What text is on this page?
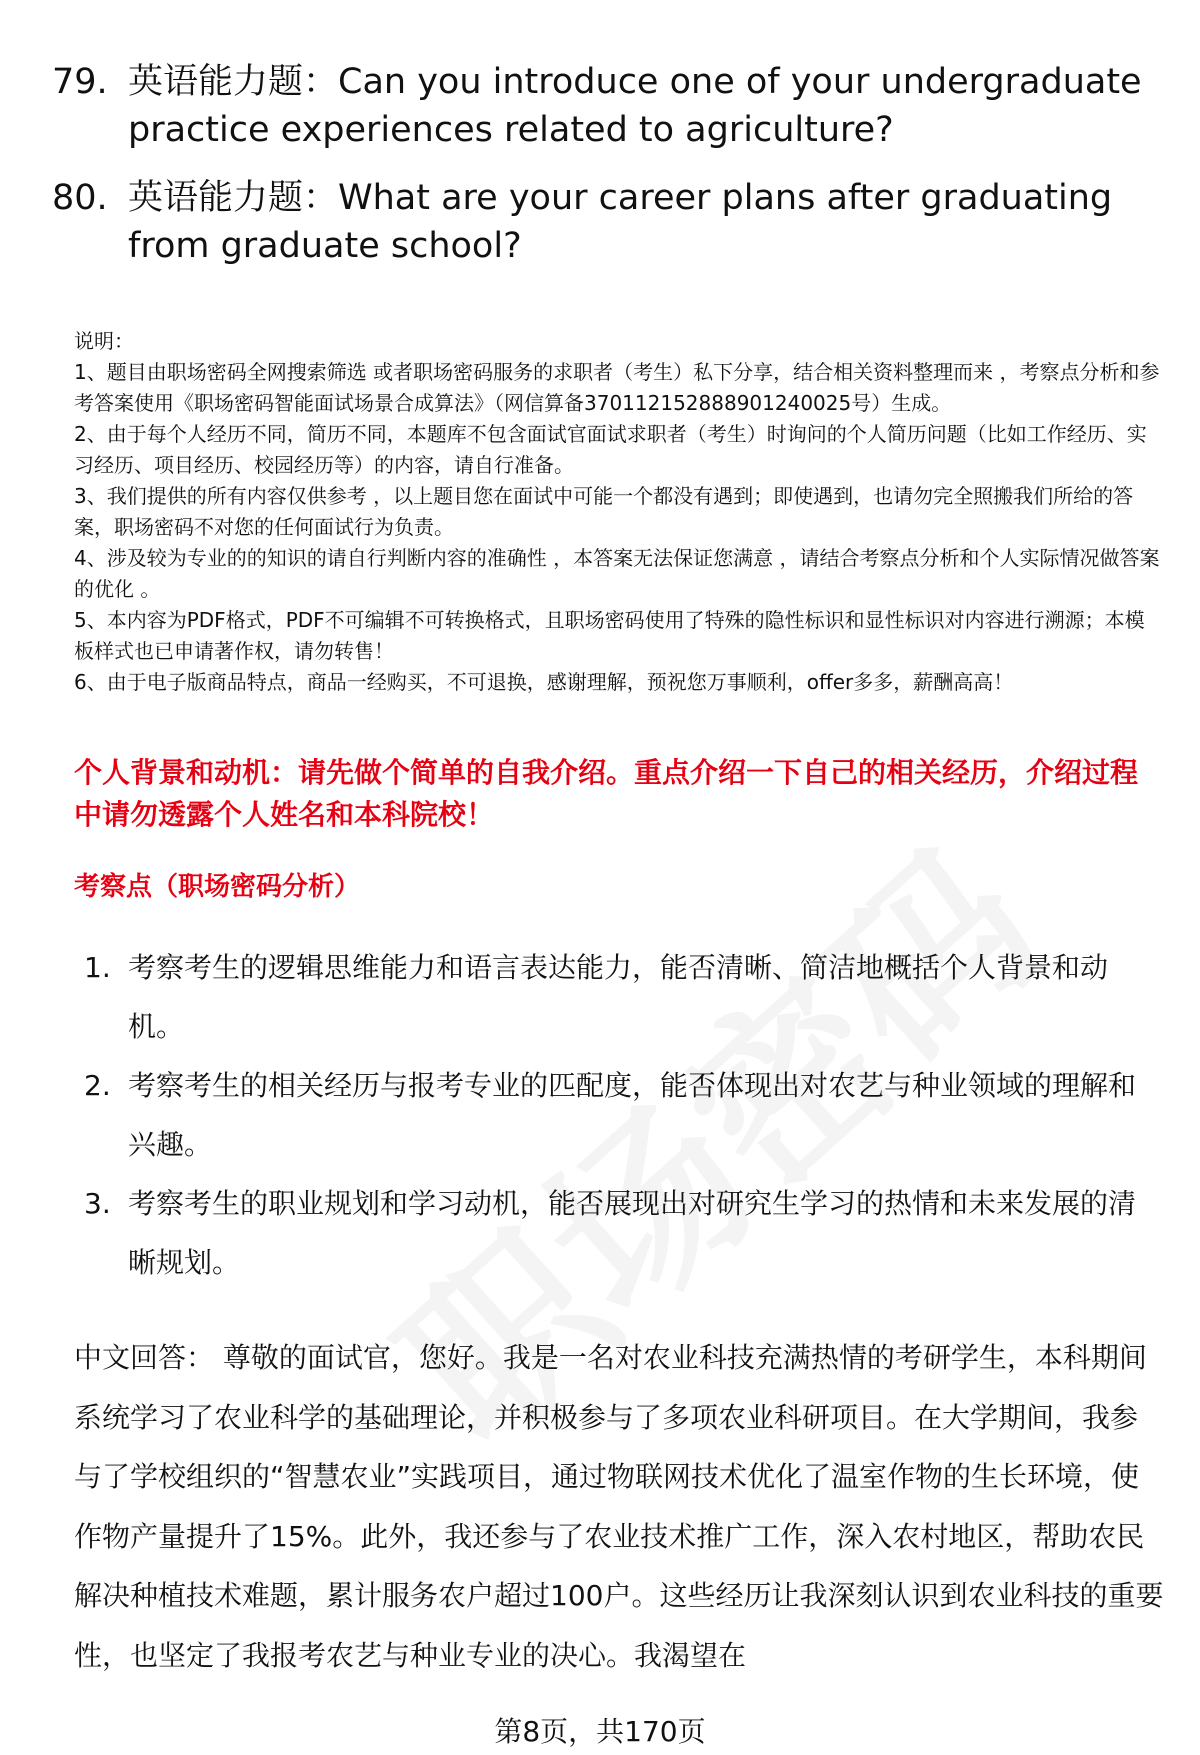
79. 英语能力题：Can you introduce one of your undergraduate practice experiences related to agriculture?
80. 英语能力题：What are your career plans after graduating from graduate school?

说明：

1、题目由职场密码全网搜索筛选 或者职场密码服务的求职者（考生）私下分享，结合相关资料整理而来 ，考察点分析和参考答案使用《职场密码智能面试场景合成算法》（网信算备370112152888901240025号）生成。

2、由于每个人经历不同，简历不同，本题库不包含面试官面试求职者（考生）时询问的个人简历问题（比如工作经历、实习经历、项目经历、校园经历等）的内容，请自行准备。

3、我们提供的所有内容仅供参考 ，以上题目您在面试中可能一个都没有遇到；即使遇到，也请勿完全照搬我们所给的答案，职场密码不对您的任何面试行为负责。

4、涉及较为专业的的知识的请自行判断内容的准确性 ，本答案无法保证您满意 ，请结合考察点分析和个人实际情况做答案的优化 。

5、本内容为PDF格式，PDF不可编辑不可转换格式，且职场密码使用了特殊的隐性标识和显性标识对内容进行溯源；本模板样式也已申请著作权，请勿转售！

6、由于电子版商品特点，商品一经购买，不可退换，感谢理解，预祝您万事顺利，offer多多，薪酬高高！

个人背景和动机：请先做个简单的自我介绍。重点介绍一下自己的相关经历，介绍过程中请勿透露个人姓名和本科院校！
考察点（职场密码分析）
1. 考察考生的逻辑思维能力和语言表达能力，能否清晰、简洁地概括个人背景和动机。
2. 考察考生的相关经历与报考专业的匹配度，能否体现出对农艺与种业领域的理解和兴趣。
3. 考察考生的职业规划和学习动机，能否展现出对研究生学习的热情和未来发展的清晰规划。
中文回答： 尊敬的面试官，您好。我是一名对农业科技充满热情的考研学生，本科期间系统学习了农业科学的基础理论，并积极参与了多项农业科研项目。在大学期间，我参与了学校组织的“智慧农业”实践项目，通过物联网技术优化了温室作物的生长环境，使作物产量提升了15%。此外，我还参与了农业技术推广工作，深入农村地区，帮助农民解决种植技术难题，累计服务农户超过100户。这些经历让我深刻认识到农业科技的重要性，也坚定了我报考农艺与种业专业的决心。我渴望在
第8页，共170页
